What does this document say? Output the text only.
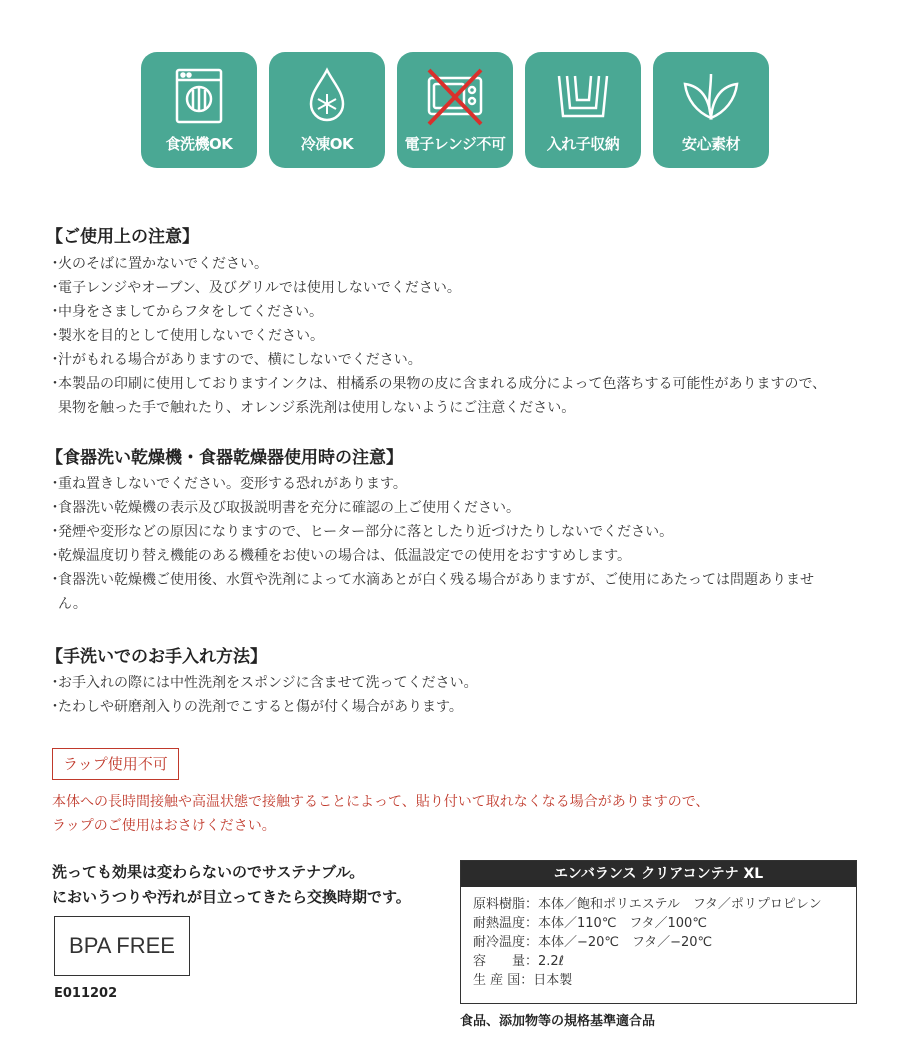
食洗機OK	冷凍OK	電子レンジ不可	入れ子収納	安心素材
【ご使用上の注意】
・火のそばに置かないでください。
・電子レンジやオーブン、及びグリルでは使用しないでください。
・中身をさましてからフタをしてください。
・製氷を目的として使用しないでください。
・汁がもれる場合がありますので、横にしないでください。
・本製品の印刷に使用しておりますインクは、柑橘系の果物の皮に含まれる成分によって色落ちする可能性がありますので、果物を触った手で触れたり、オレンジ系洗剤は使用しないようにご注意ください。
【食器洗い乾燥機・食器乾燥器使用時の注意】
・重ね置きしないでください。変形する恐れがあります。
・食器洗い乾燥機の表示及び取扱説明書を充分に確認の上ご使用ください。
・発煙や変形などの原因になりますので、ヒーター部分に落としたり近づけたりしないでください。
・乾燥温度切り替え機能のある機種をお使いの場合は、低温設定での使用をおすすめします。
・食器洗い乾燥機ご使用後、水質や洗剤によって水滴あとが白く残る場合がありますが、ご使用にあたっては問題ありません。
【手洗いでのお手入れ方法】
・お手入れの際には中性洗剤をスポンジに含ませて洗ってください。
・たわしや研磨剤入りの洗剤でこすると傷が付く場合があります。
ラップ使用不可
本体への長時間接触や高温状態で接触することによって、貼り付いて取れなくなる場合がありますので、
ラップのご使用はおさけください。
洗っても効果は変わらないのでサステナブル。
においうつりや汚れが目立ってきたら交換時期です。
BPA FREE
E011202
エンバランス クリアコンテナ XL
原料樹脂：本体／飽和ポリエステル　フタ／ポリプロピレン
耐熱温度：本体／110℃　フタ／100℃
耐冷温度：本体／−20℃　フタ／−20℃
容　　量：2.2ℓ
生 産 国：日本製
食品、添加物等の規格基準適合品
